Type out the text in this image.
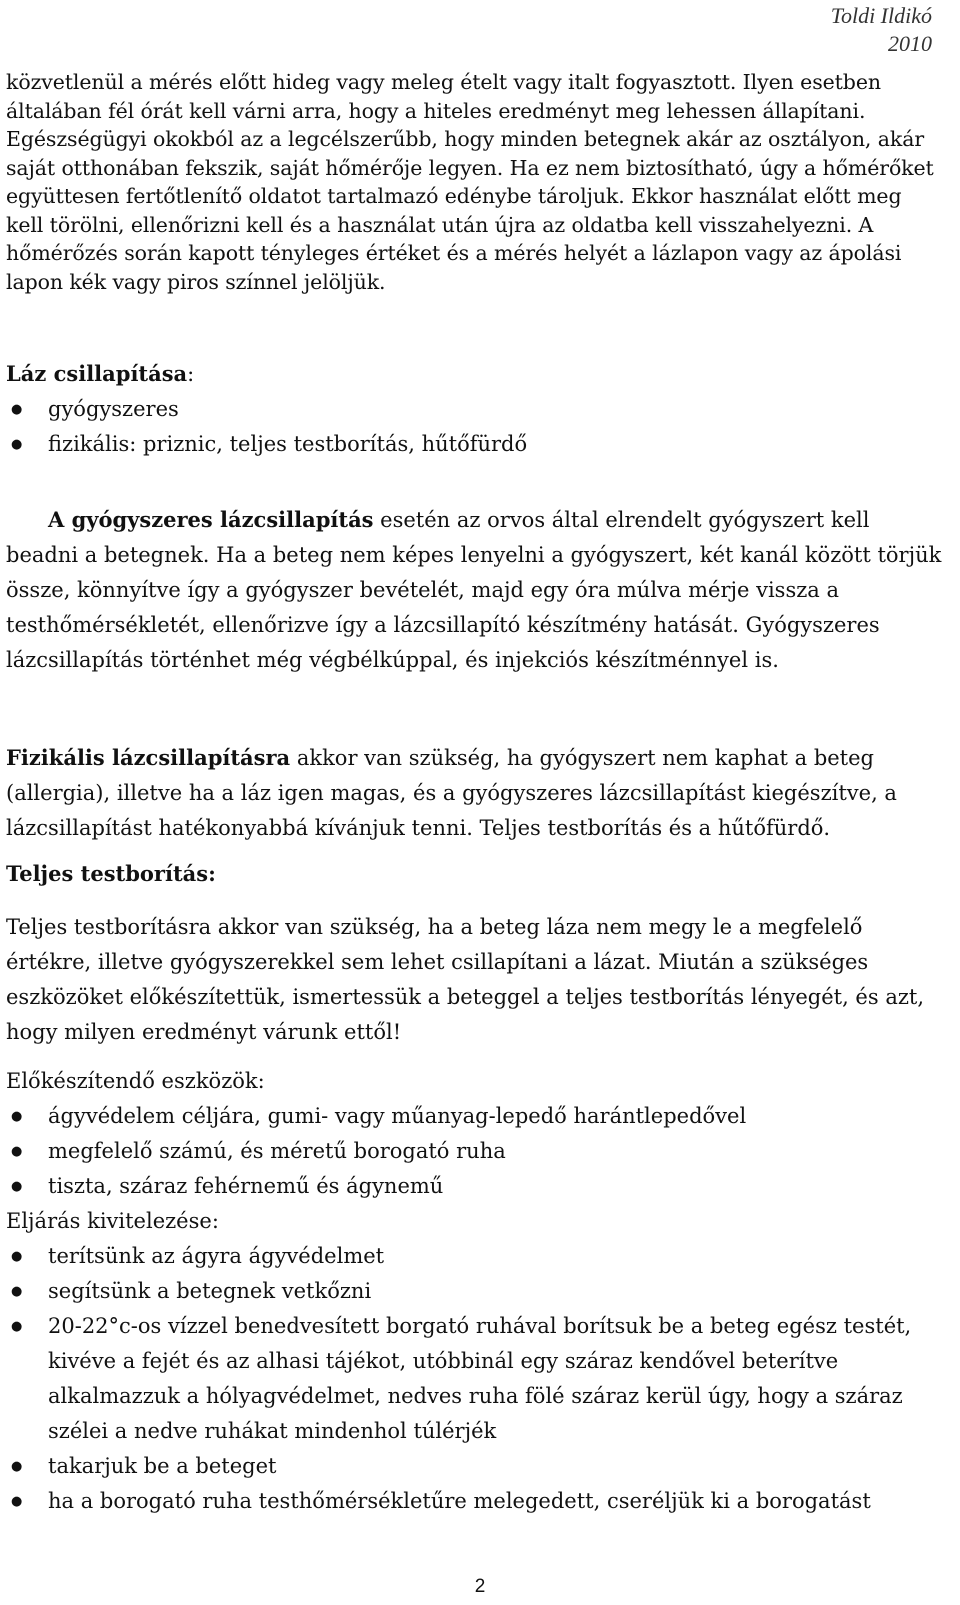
Toldi Ildikó
2010
közvetlenül a mérés előtt hideg vagy meleg ételt vagy italt fogyasztott. Ilyen esetben általában fél órát kell várni arra, hogy a hiteles eredményt meg lehessen állapítani. Egészségügyi okokból az a legcélszerűbb, hogy minden betegnek akár az osztályon, akár saját otthonában fekszik, saját hőmérője legyen. Ha ez nem biztosítható, úgy a hőmérőket együttesen fertőtlenítő oldatot tartalmazó edénybe tároljuk. Ekkor használat előtt meg kell törölni, ellenőrizni kell és a használat után újra az oldatba kell visszahelyezni. A hőmérőzés során kapott tényleges értéket és a mérés helyét a lázlapon vagy az ápolási lapon kék vagy piros színnel jelöljük.
Láz csillapítása:
● gyógyszeres
● fizikális: priznic, teljes testborítás, hűtőfürdő
A gyógyszeres lázcsillapítás esetén az orvos által elrendelt gyógyszert kell beadni a betegnek. Ha a beteg nem képes lenyelni a gyógyszert, két kanál között törjük össze, könnyítve így a gyógyszer bevételét, majd egy óra múlva mérje vissza a testhőmérsékletét, ellenőrizve így a lázcsillapító készítmény hatását. Gyógyszeres lázcsillapítás történhet még végbélkúppal, és injekciós készítménnyel is.
Fizikális lázcsillapításra akkor van szükség, ha gyógyszert nem kaphat a beteg (allergia), illetve ha a láz igen magas, és a gyógyszeres lázcsillapítást kiegészítve, a lázcsillapítást hatékonyabbá kívánjuk tenni. Teljes testborítás és a hűtőfürdő.
Teljes testborítás:
Teljes testborításra akkor van szükség, ha a beteg láza nem megy le a megfelelő értékre, illetve gyógyszerekkel sem lehet csillapítani a lázat. Miután a szükséges eszközöket előkészítettük, ismertessük a beteggel a teljes testborítás lényegét, és azt, hogy milyen eredményt várunk ettől!
Előkészítendő eszközök:
● ágyvédelem céljára, gumi- vagy műanyag-lepedő harántlepedővel
● megfelelő számú, és méretű borogató ruha
● tiszta, száraz fehérnemű és ágynemű
Eljárás kivitelezése:
● terítsünk az ágyra ágyvédelmet
● segítsünk a betegnek vetkőzni
● 20-22°c-os vízzel benedvesített borgató ruhával borítsuk be a beteg egész testét, kivéve a fejét és az alhasi tájékot, utóbbinál egy száraz kendővel beterítve alkalmazzuk a hólyagvédelmet, nedves ruha fölé száraz kerül úgy, hogy a száraz szélei a nedve ruhákat mindenhol túlérjék
● takarjuk be a beteget
● ha a borogató ruha testhőmérsékletűre melegedett, cseréljük ki a borogatást
2
